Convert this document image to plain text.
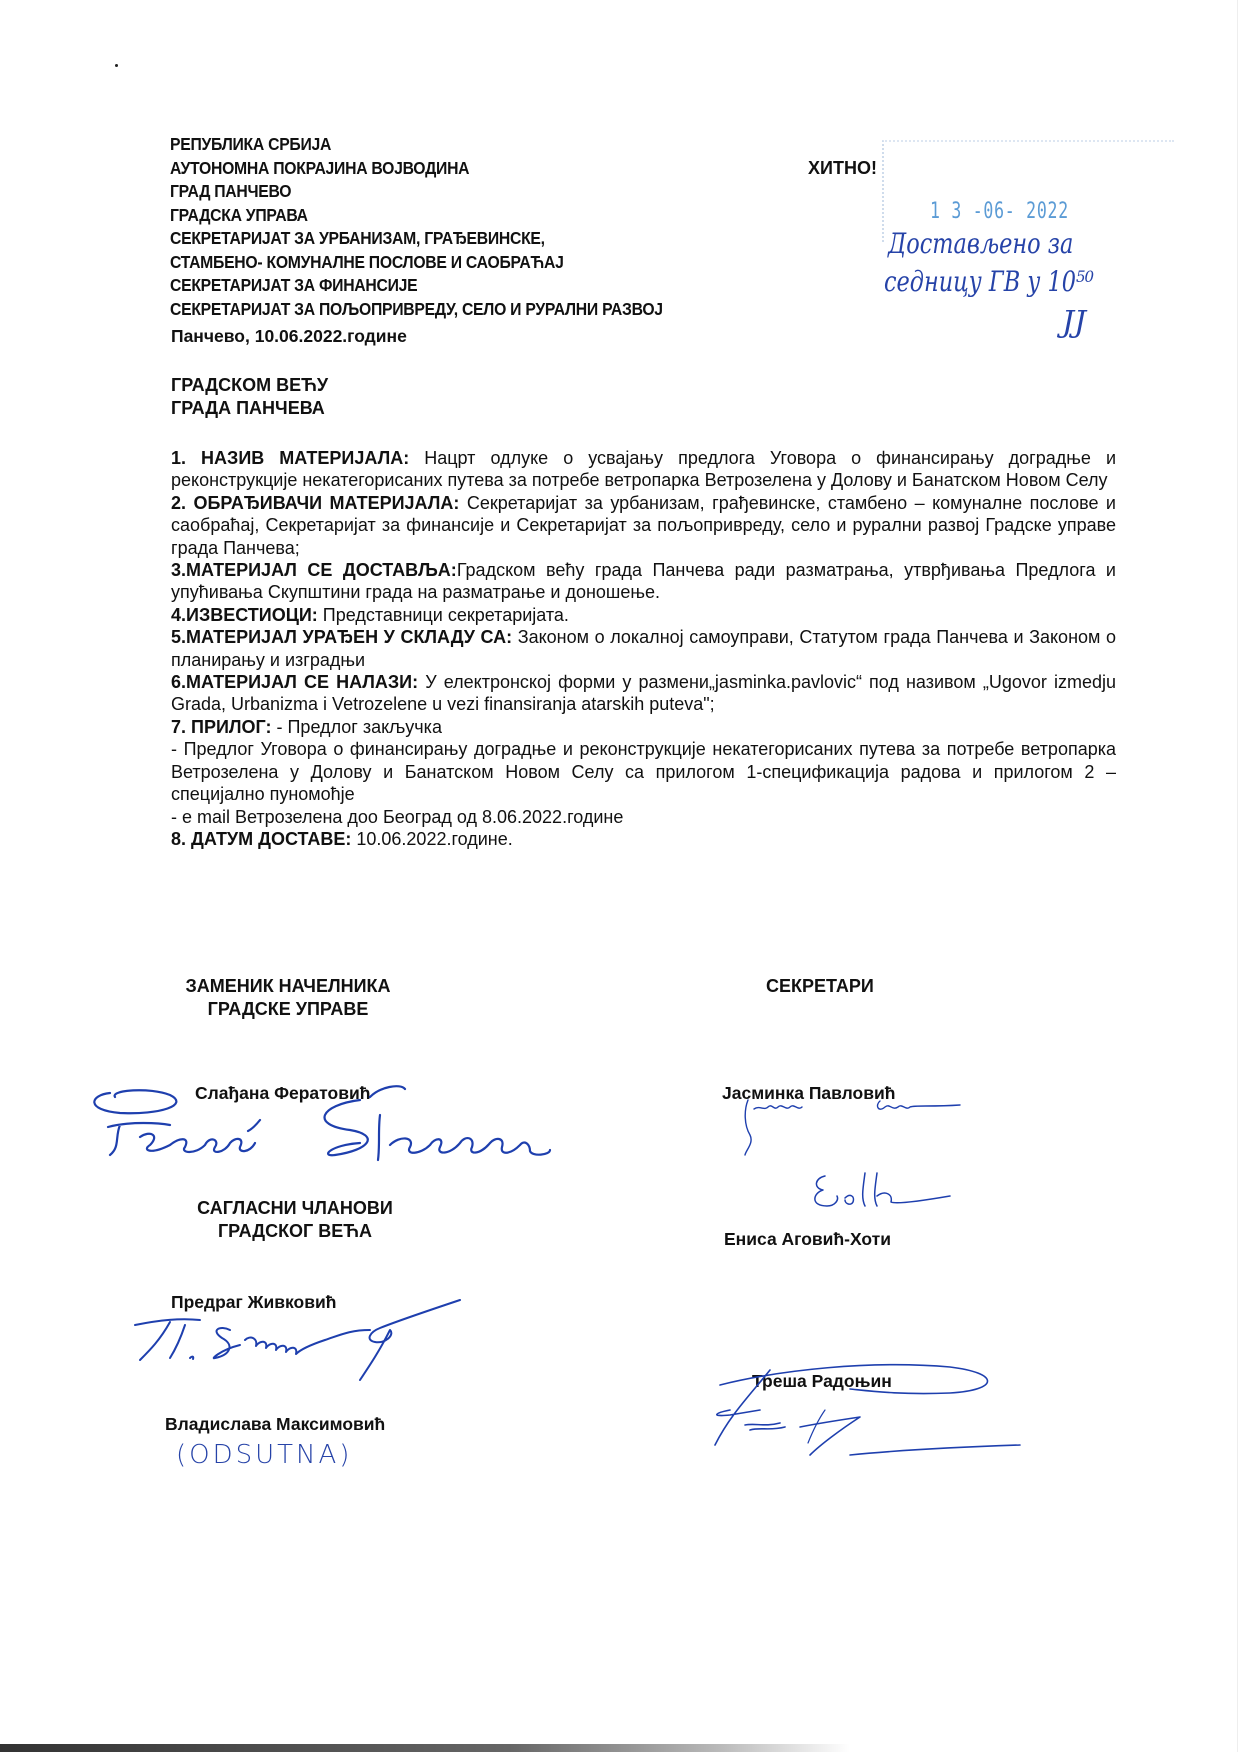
РЕПУБЛИКА СРБИЈА
АУТОНОМНА ПОКРАЈИНА ВОЈВОДИНА
ГРАД ПАНЧЕВО
ГРАДСКА УПРАВА
СЕКРЕТАРИЈАТ ЗА УРБАНИЗАМ, ГРАЂЕВИНСКЕ,
СТАМБЕНО- КОМУНАЛНЕ ПОСЛОВЕ И САОБРАЋАЈ
СЕКРЕТАРИЈАТ ЗА ФИНАНСИЈЕ
СЕКРЕТАРИЈАТ ЗА ПОЉОПРИВРЕДУ, СЕЛО И РУРАЛНИ РАЗВОЈ
Панчево, 10.06.2022.године
ХИТНО!
1 3 -06- 2022
Достављено за
седницу ГВ у 10⁵⁰
ЈЈ
ГРАДСКОМ ВЕЋУ
ГРАДА ПАНЧЕВА

1. НАЗИВ МАТЕРИЈАЛА: Нацрт одлуке о усвајању предлога Уговора о финансирању доградње и реконструкције некатегорисаних путева за потребе ветропарка Ветрозелена у Долову и Банатском Новом Селу

2. ОБРАЂИВАЧИ МАТЕРИЈАЛА: Секретаријат за урбанизам, грађевинске, стамбено – комуналне послове и саобраћај, Секретаријат за финансије и Секретаријат за пољопривреду, село и рурални развој Градске управе града Панчева;

3.МАТЕРИЈАЛ СЕ ДОСТАВЉА:Градском већу града Панчева ради разматрања, утврђивања Предлога и упућивања Скупштини града на разматрање и доношење.

4.ИЗВЕСТИОЦИ: Представници секретаријата.

5.МАТЕРИЈАЛ УРАЂЕН У СКЛАДУ СА: Законом о локалној самоуправи, Статутом града Панчева и Законом о планирању и изградњи

6.МАТЕРИЈАЛ СЕ НАЛАЗИ: У електронској форми у размени„jasminka.pavlovic“ под називом „Ugovor izmedju Grada, Urbanizma i Vetrozelene u vezi finansiranja atarskih puteva";

7. ПРИЛОГ: - Предлог закључка

- Предлог Уговора о финансирању доградње и реконструкције некатегорисаних путева за потребе ветропарка Ветрозелена у Долову и Банатском Новом Селу са прилогом 1-спецификација радова и прилогом 2 – специјално пуномоћје

- e mail Ветрозелена доо Београд од 8.06.2022.године

8. ДАТУМ ДОСТАВЕ: 10.06.2022.године.

ЗАМЕНИК НАЧЕЛНИКА
ГРАДСКЕ УПРАВЕ
Слађана Ферaтовић
СЕКРЕТАРИ
Јасминка Павловић
Ениса Аговић-Хоти
Треша Радоњин
САГЛАСНИ ЧЛАНОВИ
ГРАДСКОГ ВЕЋА
Предраг Живковић
Владислава Максимовић
(ODSUTNA)
